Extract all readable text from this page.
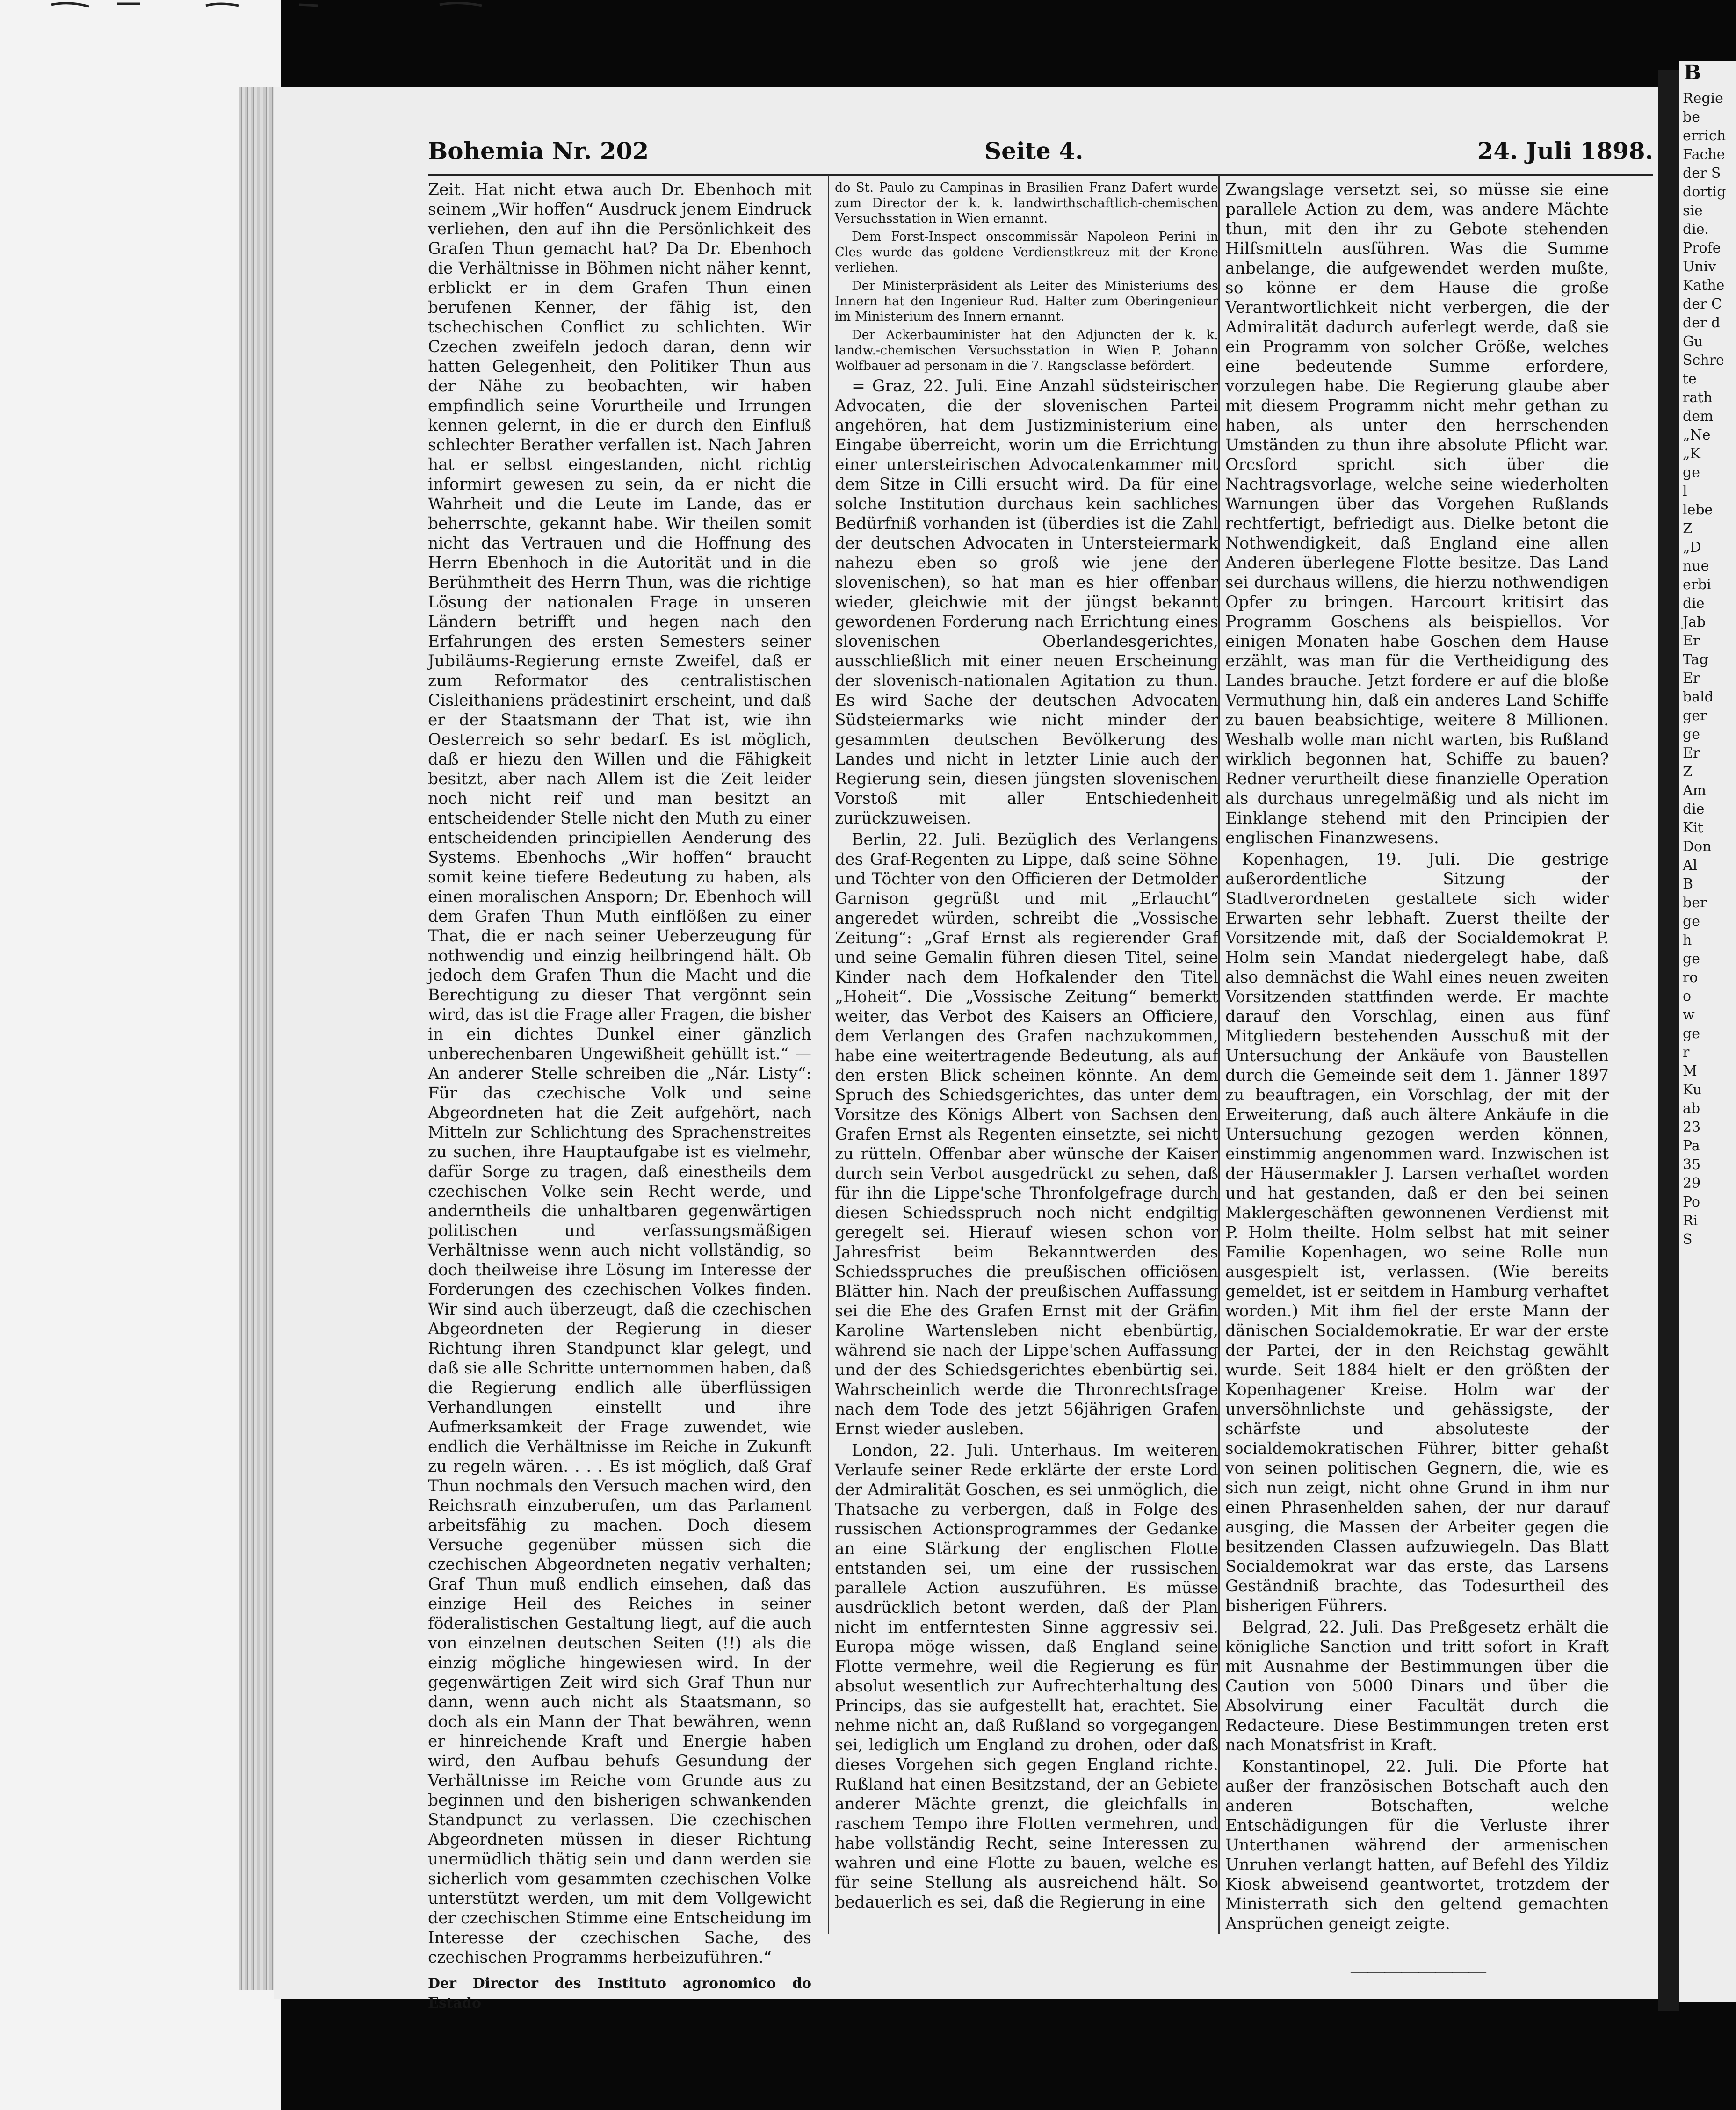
Bohemia Nr. 202	Seite 4.	24. Juli 1898.

Zeit. Hat nicht etwa auch Dr. Ebenhoch mit seinem „Wir hoffen“ Ausdruck jenem Eindruck verliehen, den auf ihn die Persönlichkeit des Grafen Thun gemacht hat? Da Dr. Ebenhoch die Verhältnisse in Böhmen nicht näher kennt, erblickt er in dem Grafen Thun einen berufenen Kenner, der fähig ist, den tschechischen Conflict zu schlichten. Wir Czechen zweifeln jedoch daran, denn wir hatten Gelegenheit, den Politiker Thun aus der Nähe zu beobachten, wir haben empfindlich seine Vorurtheile und Irrungen kennen gelernt, in die er durch den Einfluß schlechter Berather verfallen ist. Nach Jahren hat er selbst eingestanden, nicht richtig informirt gewesen zu sein, da er nicht die Wahrheit und die Leute im Lande, das er beherrschte, gekannt habe. Wir theilen somit nicht das Vertrauen und die Hoffnung des Herrn Ebenhoch in die Autorität und in die Berühmtheit des Herrn Thun, was die richtige Lösung der nationalen Frage in unseren Ländern betrifft und hegen nach den Erfahrungen des ersten Semesters seiner Jubiläums-Regierung ernste Zweifel, daß er zum Reformator des centralistischen Cisleithaniens prädestinirt erscheint, und daß er der Staatsmann der That ist, wie ihn Oesterreich so sehr bedarf. Es ist möglich, daß er hiezu den Willen und die Fähigkeit besitzt, aber nach Allem ist die Zeit leider noch nicht reif und man besitzt an entscheidender Stelle nicht den Muth zu einer entscheidenden principiellen Aenderung des Systems. Ebenhochs „Wir hoffen“ braucht somit keine tiefere Bedeutung zu haben, als einen moralischen Ansporn; Dr. Ebenhoch will dem Grafen Thun Muth einflößen zu einer That, die er nach seiner Ueberzeugung für nothwendig und einzig heilbringend hält. Ob jedoch dem Grafen Thun die Macht und die Berechtigung zu dieser That vergönnt sein wird, das ist die Frage aller Fragen, die bisher in ein dichtes Dunkel einer gänzlich unberechenbaren Ungewißheit gehüllt ist.“ — An anderer Stelle schreiben die „Nár. Listy“: Für das czechische Volk und seine Abgeordneten hat die Zeit aufgehört, nach Mitteln zur Schlichtung des Sprachenstreites zu suchen, ihre Hauptaufgabe ist es vielmehr, dafür Sorge zu tragen, daß einestheils dem czechischen Volke sein Recht werde, und anderntheils die unhaltbaren gegenwärtigen politischen und verfassungsmäßigen Verhältnisse wenn auch nicht vollständig, so doch theilweise ihre Lösung im Interesse der Forderungen des czechischen Volkes finden. Wir sind auch überzeugt, daß die czechischen Abgeordneten der Regierung in dieser Richtung ihren Standpunct klar gelegt, und daß sie alle Schritte unternommen haben, daß die Regierung endlich alle überflüssigen Verhandlungen einstellt und ihre Aufmerksamkeit der Frage zuwendet, wie endlich die Verhältnisse im Reiche in Zukunft zu regeln wären. . . . Es ist möglich, daß Graf Thun nochmals den Versuch machen wird, den Reichsrath einzuberufen, um das Parlament arbeitsfähig zu machen. Doch diesem Versuche gegenüber müssen sich die czechischen Abgeordneten negativ verhalten; Graf Thun muß endlich einsehen, daß das einzige Heil des Reiches in seiner föderalistischen Gestaltung liegt, auf die auch von einzelnen deutschen Seiten (!!) als die einzig mögliche hingewiesen wird. In der gegenwärtigen Zeit wird sich Graf Thun nur dann, wenn auch nicht als Staatsmann, so doch als ein Mann der That bewähren, wenn er hinreichende Kraft und Energie haben wird, den Aufbau behufs Gesundung der Verhältnisse im Reiche vom Grunde aus zu beginnen und den bisherigen schwankenden Standpunct zu verlassen. Die czechischen Abgeordneten müssen in dieser Richtung unermüdlich thätig sein und dann werden sie sicherlich vom gesammten czechischen Volke unterstützt werden, um mit dem Vollgewicht der czechischen Stimme eine Entscheidung im Interesse der czechischen Sache, des czechischen Programms herbeizuführen.“

Der Director des Instituto agronomico do Estado

do St. Paulo zu Campinas in Brasilien Franz Dafert wurde zum Director der k. k. landwirthschaftlich-chemischen Versuchsstation in Wien ernannt.

Dem Forst-Inspect onscommissär Napoleon Perini in Cles wurde das goldene Verdienstkreuz mit der Krone verliehen.

Der Ministerpräsident als Leiter des Ministeriums des Innern hat den Ingenieur Rud. Halter zum Oberingenieur im Ministerium des Innern ernannt.

Der Ackerbauminister hat den Adjuncten der k. k. landw.-chemischen Versuchsstation in Wien P. Johann Wolfbauer ad personam in die 7. Rangsclasse befördert.

= Graz, 22. Juli. Eine Anzahl südsteirischer Advocaten, die der slovenischen Partei angehören, hat dem Justizministerium eine Eingabe überreicht, worin um die Errichtung einer untersteirischen Advocatenkammer mit dem Sitze in Cilli ersucht wird. Da für eine solche Institution durchaus kein sachliches Bedürfniß vorhanden ist (überdies ist die Zahl der deutschen Advocaten in Untersteiermark nahezu eben so groß wie jene der slovenischen), so hat man es hier offenbar wieder, gleichwie mit der jüngst bekannt gewordenen Forderung nach Errichtung eines slovenischen Oberlandesgerichtes, ausschließlich mit einer neuen Erscheinung der slovenisch-nationalen Agitation zu thun. Es wird Sache der deutschen Advocaten Südsteiermarks wie nicht minder der gesammten deutschen Bevölkerung des Landes und nicht in letzter Linie auch der Regierung sein, diesen jüngsten slovenischen Vorstoß mit aller Entschiedenheit zurückzuweisen.

Berlin, 22. Juli. Bezüglich des Verlangens des Graf-Regenten zu Lippe, daß seine Söhne und Töchter von den Officieren der Detmolder Garnison gegrüßt und mit „Erlaucht“ angeredet würden, schreibt die „Vossische Zeitung“: „Graf Ernst als regierender Graf und seine Gemalin führen diesen Titel, seine Kinder nach dem Hofkalender den Titel „Hoheit“. Die „Vossische Zeitung“ bemerkt weiter, das Verbot des Kaisers an Officiere, dem Verlangen des Grafen nachzukommen, habe eine weitertragende Bedeutung, als auf den ersten Blick scheinen könnte. An dem Spruch des Schiedsgerichtes, das unter dem Vorsitze des Königs Albert von Sachsen den Grafen Ernst als Regenten einsetzte, sei nicht zu rütteln. Offenbar aber wünsche der Kaiser durch sein Verbot ausgedrückt zu sehen, daß für ihn die Lippe'sche Thronfolgefrage durch diesen Schiedsspruch noch nicht endgiltig geregelt sei. Hierauf wiesen schon vor Jahresfrist beim Bekanntwerden des Schiedsspruches die preußischen officiösen Blätter hin. Nach der preußischen Auffassung sei die Ehe des Grafen Ernst mit der Gräfin Karoline Wartensleben nicht ebenbürtig, während sie nach der Lippe'schen Auffassung und der des Schiedsgerichtes ebenbürtig sei. Wahrscheinlich werde die Thronrechtsfrage nach dem Tode des jetzt 56jährigen Grafen Ernst wieder ausleben.

London, 22. Juli. Unterhaus. Im weiteren Verlaufe seiner Rede erklärte der erste Lord der Admiralität Goschen, es sei unmöglich, die Thatsache zu verbergen, daß in Folge des russischen Actionsprogrammes der Gedanke an eine Stärkung der englischen Flotte entstanden sei, um eine der russischen parallele Action auszuführen. Es müsse ausdrücklich betont werden, daß der Plan nicht im entferntesten Sinne aggressiv sei. Europa möge wissen, daß England seine Flotte vermehre, weil die Regierung es für absolut wesentlich zur Aufrechterhaltung des Princips, das sie aufgestellt hat, erachtet. Sie nehme nicht an, daß Rußland so vorgegangen sei, lediglich um England zu drohen, oder daß dieses Vorgehen sich gegen England richte. Rußland hat einen Besitzstand, der an Gebiete anderer Mächte grenzt, die gleichfalls in raschem Tempo ihre Flotten vermehren, und habe vollständig Recht, seine Interessen zu wahren und eine Flotte zu bauen, welche es für seine Stellung als ausreichend hält. So bedauerlich es sei, daß die Regierung in eine

Zwangslage versetzt sei, so müsse sie eine parallele Action zu dem, was andere Mächte thun, mit den ihr zu Gebote stehenden Hilfsmitteln ausführen. Was die Summe anbelange, die aufgewendet werden mußte, so könne er dem Hause die große Verantwortlichkeit nicht verbergen, die der Admiralität dadurch auferlegt werde, daß sie ein Programm von solcher Größe, welches eine bedeutende Summe erfordere, vorzulegen habe. Die Regierung glaube aber mit diesem Programm nicht mehr gethan zu haben, als unter den herrschenden Umständen zu thun ihre absolute Pflicht war. Orcsford spricht sich über die Nachtragsvorlage, welche seine wiederholten Warnungen über das Vorgehen Rußlands rechtfertigt, befriedigt aus. Dielke betont die Nothwendigkeit, daß England eine allen Anderen überlegene Flotte besitze. Das Land sei durchaus willens, die hierzu nothwendigen Opfer zu bringen. Harcourt kritisirt das Programm Goschens als beispiellos. Vor einigen Monaten habe Goschen dem Hause erzählt, was man für die Vertheidigung des Landes brauche. Jetzt fordere er auf die bloße Vermuthung hin, daß ein anderes Land Schiffe zu bauen beabsichtige, weitere 8 Millionen. Weshalb wolle man nicht warten, bis Rußland wirklich begonnen hat, Schiffe zu bauen? Redner verurtheilt diese finanzielle Operation als durchaus unregelmäßig und als nicht im Einklange stehend mit den Principien der englischen Finanzwesens.

Kopenhagen, 19. Juli. Die gestrige außerordentliche Sitzung der Stadtverordneten gestaltete sich wider Erwarten sehr lebhaft. Zuerst theilte der Vorsitzende mit, daß der Socialdemokrat P. Holm sein Mandat niedergelegt habe, daß also demnächst die Wahl eines neuen zweiten Vorsitzenden stattfinden werde. Er machte darauf den Vorschlag, einen aus fünf Mitgliedern bestehenden Ausschuß mit der Untersuchung der Ankäufe von Baustellen durch die Gemeinde seit dem 1. Jänner 1897 zu beauftragen, ein Vorschlag, der mit der Erweiterung, daß auch ältere Ankäufe in die Untersuchung gezogen werden können, einstimmig angenommen ward. Inzwischen ist der Häusermakler J. Larsen verhaftet worden und hat gestanden, daß er den bei seinen Maklergeschäften gewonnenen Verdienst mit P. Holm theilte. Holm selbst hat mit seiner Familie Kopenhagen, wo seine Rolle nun ausgespielt ist, verlassen. (Wie bereits gemeldet, ist er seitdem in Hamburg verhaftet worden.) Mit ihm fiel der erste Mann der dänischen Socialdemokratie. Er war der erste der Partei, der in den Reichstag gewählt wurde. Seit 1884 hielt er den größten der Kopenhagener Kreise. Holm war der unversöhnlichste und gehässigste, der schärfste und absoluteste der socialdemokratischen Führer, bitter gehaßt von seinen politischen Gegnern, die, wie es sich nun zeigt, nicht ohne Grund in ihm nur einen Phrasenhelden sahen, der nur darauf ausging, die Massen der Arbeiter gegen die besitzenden Classen aufzuwiegeln. Das Blatt Socialdemokrat war das erste, das Larsens Geständniß brachte, das Todesurtheil des bisherigen Führers.

Belgrad, 22. Juli. Das Preßgesetz erhält die königliche Sanction und tritt sofort in Kraft mit Ausnahme der Bestimmungen über die Caution von 5000 Dinars und über die Absolvirung einer Facultät durch die Redacteure. Diese Bestimmungen treten erst nach Monatsfrist in Kraft.

Konstantinopel, 22. Juli. Die Pforte hat außer der französischen Botschaft auch den anderen Botschaften, welche Entschädigungen für die Verluste ihrer Unterthanen während der armenischen Unruhen verlangt hatten, auf Befehl des Yildiz Kiosk abweisend geantwortet, trotzdem der Ministerrath sich den geltend gemachten Ansprüchen geneigt zeigte.

————————
B
Regie
be
errich
Fache
der S
dortig
sie
die.
Profe
Univ
Kathe
der C
der d
Gu
Schre
te
rath
dem
„Ne
„K
ge
l
lebe
Z
„D
nue
erbi
die
Jab
Er
Tag
Er
bald
ger
ge
Er
Z
Am
die
Kit
Don
Al
B
ber
ge
h
ge
ro
o
w
ge
r
M
Ku
ab
23
Pa
35
29
Po
Ri
S
